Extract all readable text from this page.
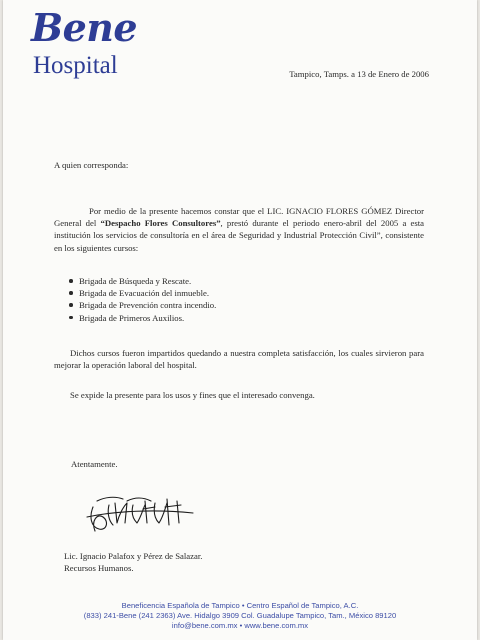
Bene
Hospital	Tampico, Tamps. a 13 de Enero de 2006
A quien corresponda:

Por medio de la presente hacemos constar que el LIC. IGNACIO FLORES GÓMEZ Director General del “Despacho Flores Consultores”, prestó durante el periodo enero-abril del 2005 a esta institución los servicios de consultoría en el área de Seguridad y Industrial Protección Civil”, consistente en los siguientes cursos:

Brigada de Búsqueda y Rescate.
Brigada de Evacuación del inmueble.
Brigada de Prevención contra incendio.
Brigada de Primeros Auxilios.

Dichos cursos fueron impartidos quedando a nuestra completa satisfacción, los cuales sirvieron para mejorar la operación laboral del hospital.

Se expide la presente para los usos y fines que el interesado convenga.

Atentamente.
Lic. Ignacio Palafox y Pérez de Salazar.
Recursos Humanos.
Beneficencia Española de Tampico • Centro Español de Tampico, A.C.
(833) 241-Bene (241 2363) Ave. Hidalgo 3909 Col. Guadalupe Tampico, Tam., México 89120
info@bene.com.mx • www.bene.com.mx
